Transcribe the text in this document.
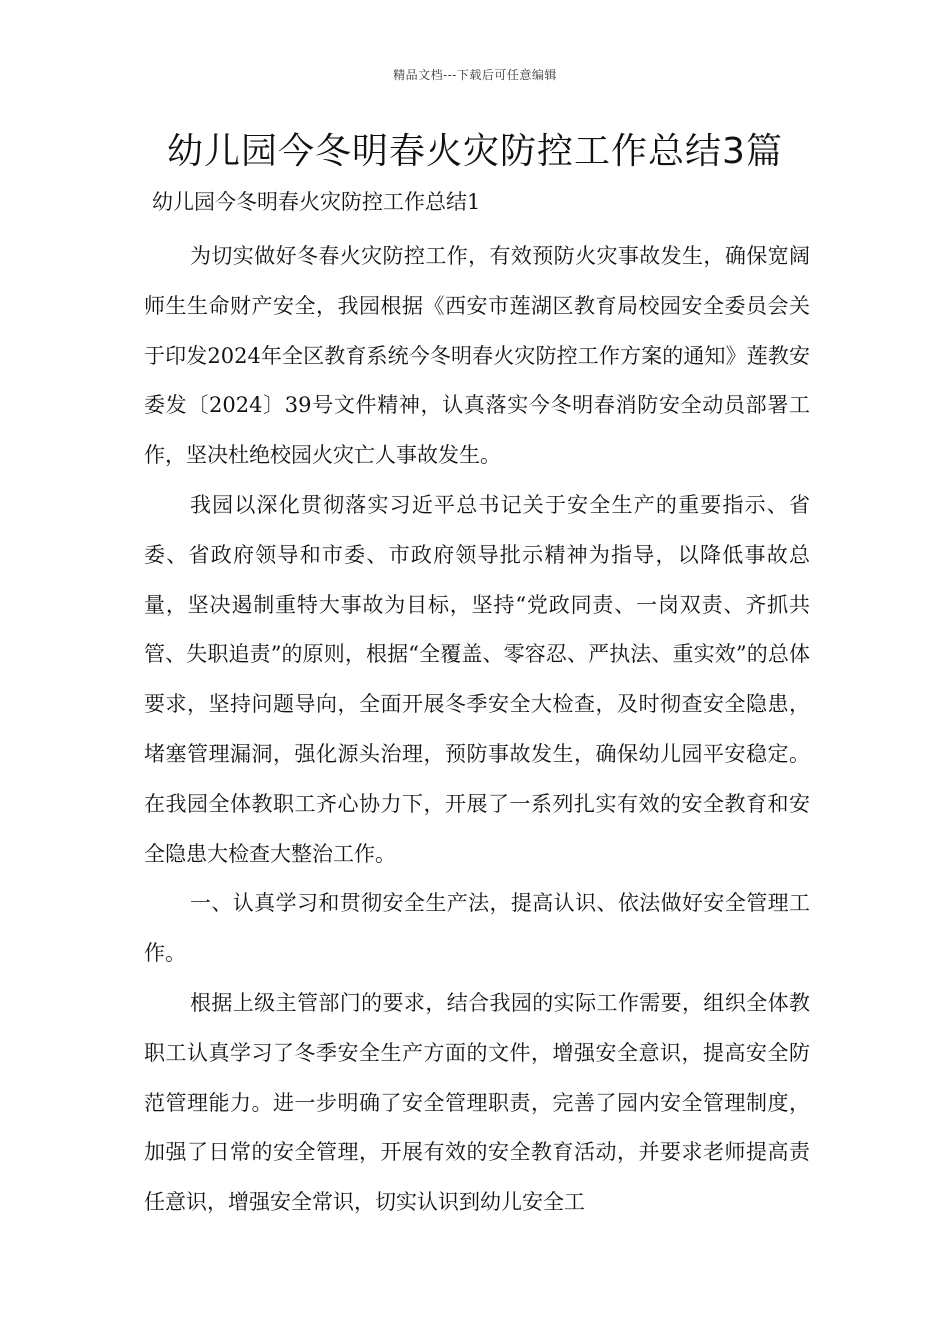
精品文档---下载后可任意编辑
幼儿园今冬明春火灾防控工作总结3篇

幼儿园今冬明春火灾防控工作总结1

为切实做好冬春火灾防控工作，有效预防火灾事故发生，确保宽阔师生生命财产安全，我园根据《西安市莲湖区教育局校园安全委员会关于印发2024年全区教育系统今冬明春火灾防控工作方案的通知》莲教安委发〔2024〕39号文件精神，认真落实今冬明春消防安全动员部署工作，坚决杜绝校园火灾亡人事故发生。

我园以深化贯彻落实习近平总书记关于安全生产的重要指示、省委、省政府领导和市委、市政府领导批示精神为指导，以降低事故总量，坚决遏制重特大事故为目标，坚持“党政同责、一岗双责、齐抓共管、失职追责”的原则，根据“全覆盖、零容忍、严执法、重实效”的总体要求，坚持问题导向，全面开展冬季安全大检查，及时彻查安全隐患，堵塞管理漏洞，强化源头治理，预防事故发生，确保幼儿园平安稳定。在我园全体教职工齐心协力下，开展了一系列扎实有效的安全教育和安全隐患大检查大整治工作。

一、认真学习和贯彻安全生产法，提高认识、依法做好安全管理工作。

根据上级主管部门的要求，结合我园的实际工作需要，组织全体教职工认真学习了冬季安全生产方面的文件，增强安全意识，提高安全防范管理能力。进一步明确了安全管理职责，完善了园内安全管理制度，加强了日常的安全管理，开展有效的安全教育活动，并要求老师提高责任意识，增强安全常识，切实认识到幼儿安全工
